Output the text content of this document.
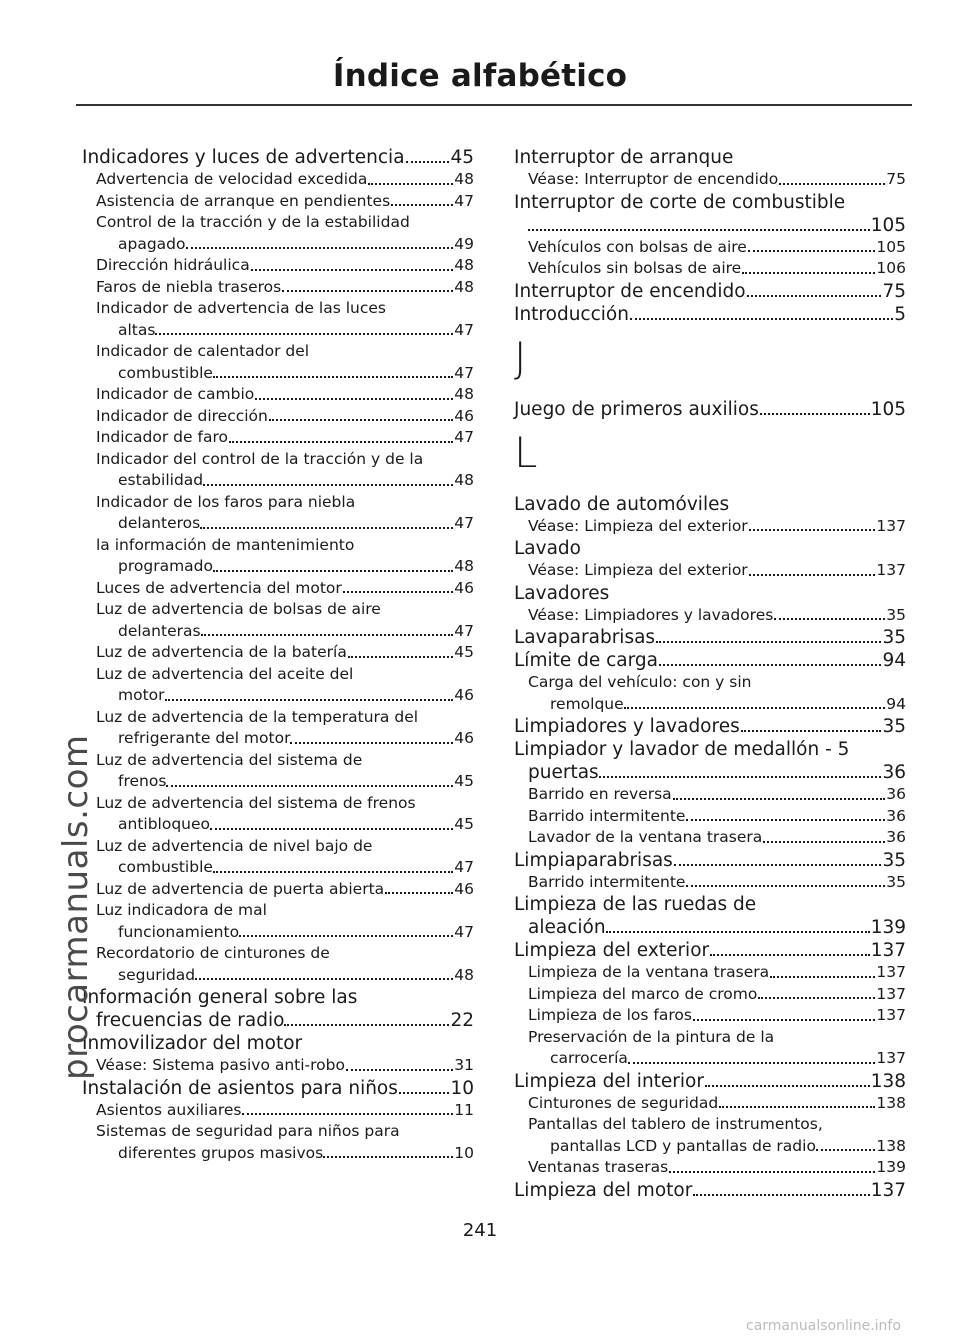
Índice alfabético
Indicadores y luces de advertencia 45
Advertencia de velocidad excedida	48
Asistencia de arranque en pendientes	47
Control de la tracción y de la estabilidad
apagado	49
Dirección hidráulica	48
Faros de niebla traseros	48
Indicador de advertencia de las luces
altas	47
Indicador de calentador del
combustible	47
Indicador de cambio	48
Indicador de dirección	46
Indicador de faro	47
Indicador del control de la tracción y de la
estabilidad	48
Indicador de los faros para niebla
delanteros	47
la información de mantenimiento
programado	48
Luces de advertencia del motor	46
Luz de advertencia de bolsas de aire
delanteras	47
Luz de advertencia de la batería	45
Luz de advertencia del aceite del
motor	46
Luz de advertencia de la temperatura del
refrigerante del motor	46
Luz de advertencia del sistema de
frenos	45
Luz de advertencia del sistema de frenos
antibloqueo	45
Luz de advertencia de nivel bajo de
combustible	47
Luz de advertencia de puerta abierta	46
Luz indicadora de mal
funcionamiento	47
Recordatorio de cinturones de
seguridad	48
Información general sobre las
frecuencias de radio	22
Inmovilizador del motor
Véase: Sistema pasivo anti-robo	31
Instalación de asientos para niños	10
Asientos auxiliares	11
Sistemas de seguridad para niños para
diferentes grupos masivos	10
Interruptor de arranque
Véase: Interruptor de encendido	75
Interruptor de corte de combustible
105
Vehículos con bolsas de aire	105
Vehículos sin bolsas de aire	106
Interruptor de encendido	75
Introducción	5
J
Juego de primeros auxilios	105
L
Lavado de automóviles
Véase: Limpieza del exterior	137
Lavado
Véase: Limpieza del exterior	137
Lavadores
Véase: Limpiadores y lavadores	35
Lavaparabrisas	35
Límite de carga	94
Carga del vehículo: con y sin
remolque	94
Limpiadores y lavadores	35
Limpiador y lavador de medallón - 5
puertas	36
Barrido en reversa	36
Barrido intermitente	36
Lavador de la ventana trasera	36
Limpiaparabrisas	35
Barrido intermitente	35
Limpieza de las ruedas de
aleación	139
Limpieza del exterior	137
Limpieza de la ventana trasera	137
Limpieza del marco de cromo	137
Limpieza de los faros	137
Preservación de la pintura de la
carrocería	137
Limpieza del interior	138
Cinturones de seguridad	138
Pantallas del tablero de instrumentos,
pantallas LCD y pantallas de radio	138
Ventanas traseras	139
Limpieza del motor	137
241
procarmanuals.com
carmanualsonline.info
